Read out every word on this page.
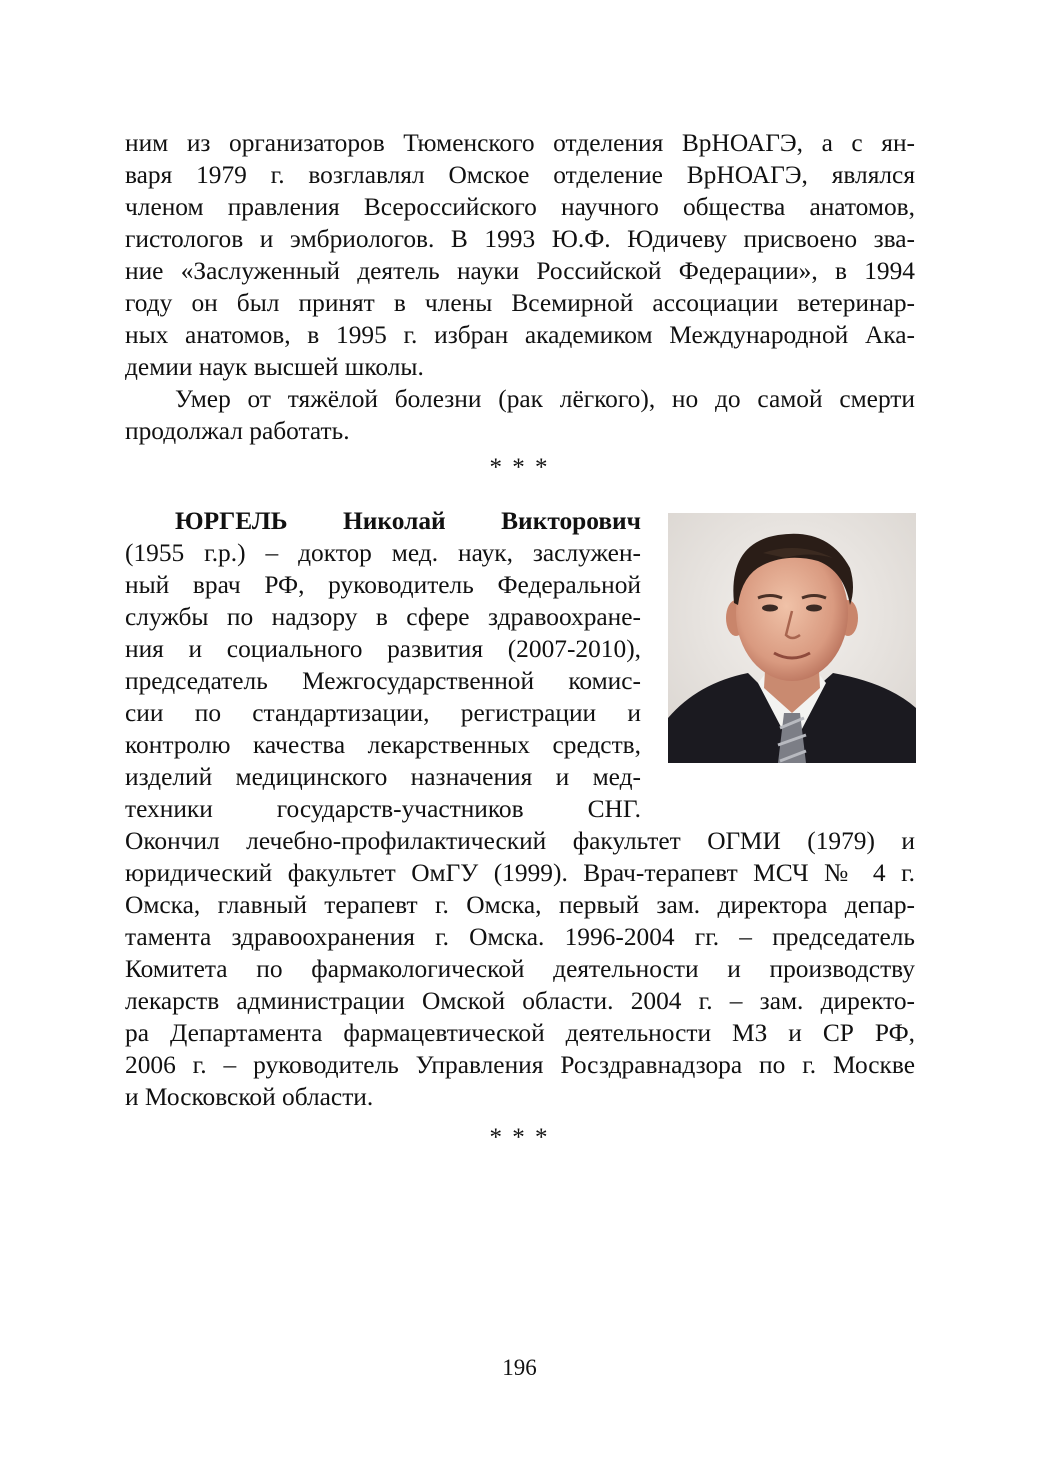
ним из организаторов Тюменского отделения ВрНОАГЭ, а с ян-
варя 1979 г. возглавлял Омское отделение ВрНОАГЭ, являлся
членом правления Всероссийского научного общества анатомов,
гистологов и эмбриологов. В 1993 Ю.Ф. Юдичеву присвоено зва-
ние «Заслуженный деятель науки Российской Федерации», в 1994
году он был принят в члены Всемирной ассоциации ветеринар-
ных анатомов, в 1995 г. избран академиком Международной Ака-
демии наук высшей школы.
Умер от тяжёлой болезни (рак лёгкого), но до самой смерти
продолжал работать.
* * *
ЮРГЕЛЬ Николай Викторович
(1955 г.р.) – доктор мед. наук, заслужен-
ный врач РФ, руководитель Федеральной
службы по надзору в сфере здравоохране-
ния и социального развития (2007-2010),
председатель Межгосударственной комис-
сии по стандартизации, регистрации и
контролю качества лекарственных средств,
изделий медицинского назначения и мед-
техники государств-участников СНГ.
Окончил лечебно-профилактический факультет ОГМИ (1979) и
юридический факультет ОмГУ (1999). Врач-терапевт МСЧ № 4 г.
Омска, главный терапевт г. Омска, первый зам. директора депар-
тамента здравоохранения г. Омска. 1996-2004 гг. – председатель
Комитета по фармакологической деятельности и производству
лекарств администрации Омской области. 2004 г. – зам. директо-
ра Департамента фармацевтической деятельности МЗ и СР РФ,
2006 г. – руководитель Управления Росздравнадзора по г. Москве
и Московской области.
* * *
196
